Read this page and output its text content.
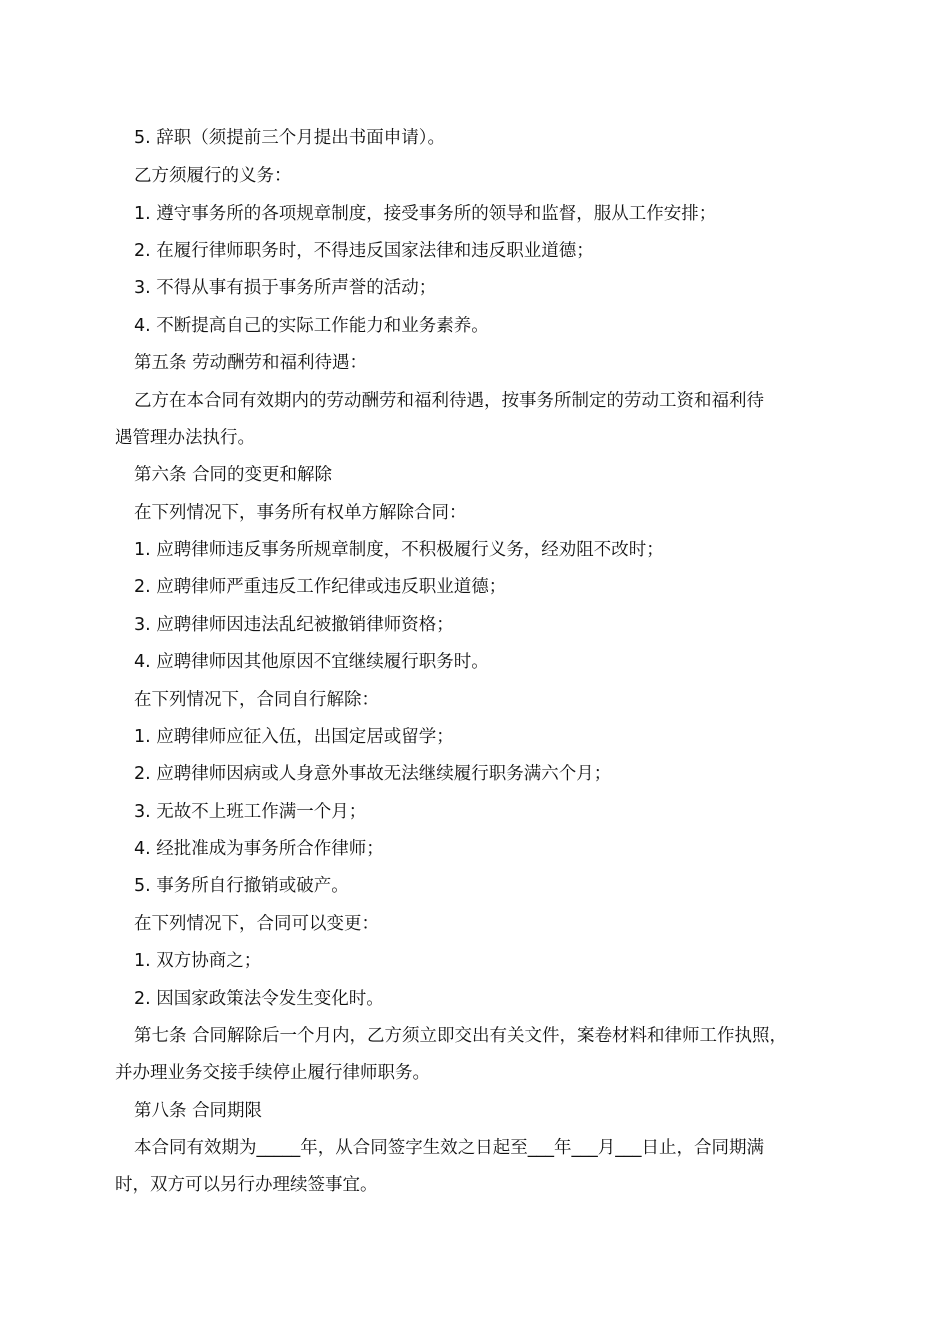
5. 辞职（须提前三个月提出书面申请）。
乙方须履行的义务：
1. 遵守事务所的各项规章制度，接受事务所的领导和监督，服从工作安排；
2. 在履行律师职务时，不得违反国家法律和违反职业道德；
3. 不得从事有损于事务所声誉的活动；
4. 不断提高自己的实际工作能力和业务素养。
第五条 劳动酬劳和福利待遇：
乙方在本合同有效期内的劳动酬劳和福利待遇，按事务所制定的劳动工资和福利待
遇管理办法执行。
第六条 合同的变更和解除
在下列情况下，事务所有权单方解除合同：
1. 应聘律师违反事务所规章制度，不积极履行义务，经劝阻不改时；
2. 应聘律师严重违反工作纪律或违反职业道德；
3. 应聘律师因违法乱纪被撤销律师资格；
4. 应聘律师因其他原因不宜继续履行职务时。
在下列情况下，合同自行解除：
1. 应聘律师应征入伍，出国定居或留学；
2. 应聘律师因病或人身意外事故无法继续履行职务满六个月；
3. 无故不上班工作满一个月；
4. 经批准成为事务所合作律师；
5. 事务所自行撤销或破产。
在下列情况下，合同可以变更：
1. 双方协商之；
2. 因国家政策法令发生变化时。
第七条 合同解除后一个月内，乙方须立即交出有关文件，案卷材料和律师工作执照，
并办理业务交接手续停止履行律师职务。
第八条 合同期限
本合同有效期为_____年，从合同签字生效之日起至___年___月___日止，合同期满
时，双方可以另行办理续签事宜。
